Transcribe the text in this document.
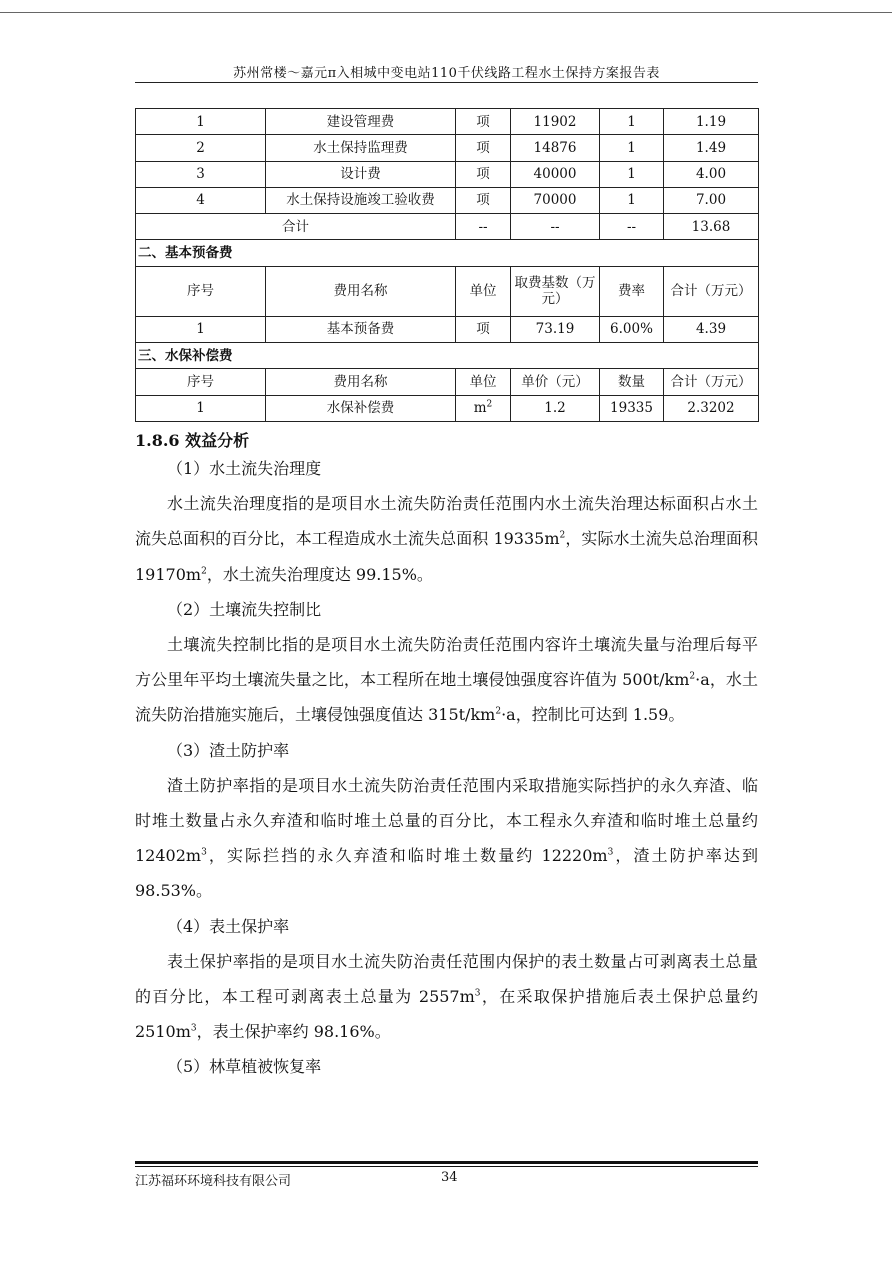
苏州常楼～嘉元π入相城中变电站110千伏线路工程水土保持方案报告表
1	建设管理费	项	11902	1	1.19
2	水土保持监理费	项	14876	1	1.49
3	设计费	项	40000	1	4.00
4	水土保持设施竣工验收费	项	70000	1	7.00
合计		--	--	--	13.68
二、基本预备费					
序号	费用名称	单位	取费基数（万元）	费率	合计（万元）
1	基本预备费	项	73.19	6.00%	4.39
三、水保补偿费					
序号	费用名称	单位	单价（元）	数量	合计（万元）
1	水保补偿费	$m^2$	1.2	19335	2.3202
1.8.6 效益分析

（1）水土流失治理度

水土流失治理度指的是项目水土流失防治责任范围内水土流失治理达标面积占水土流失总面积的百分比，本工程造成水土流失总面积 $19335m^2$，实际水土流失总治理面积 $19170m^2$，水土流失治理度达 99.15%。

（2）土壤流失控制比

土壤流失控制比指的是项目水土流失防治责任范围内容许土壤流失量与治理后每平方公里年平均土壤流失量之比，本工程所在地土壤侵蚀强度容许值为 $500t/km^2\cdot a$，水土流失防治措施实施后，土壤侵蚀强度值达 $315t/km^2\cdot a$，控制比可达到 1.59。

（3）渣土防护率

渣土防护率指的是项目水土流失防治责任范围内采取措施实际挡护的永久弃渣、临时堆土数量占永久弃渣和临时堆土总量的百分比，本工程永久弃渣和临时堆土总量约 $12402m^3$，实际拦挡的永久弃渣和临时堆土数量约 $12220m^3$，渣土防护率达到 98.53%。

（4）表土保护率

表土保护率指的是项目水土流失防治责任范围内保护的表土数量占可剥离表土总量的百分比，本工程可剥离表土总量为 $2557m^3$，在采取保护措施后表土保护总量约 $2510m^3$，表土保护率约 98.16%。

（5）林草植被恢复率

江苏福环环境科技有限公司	34
